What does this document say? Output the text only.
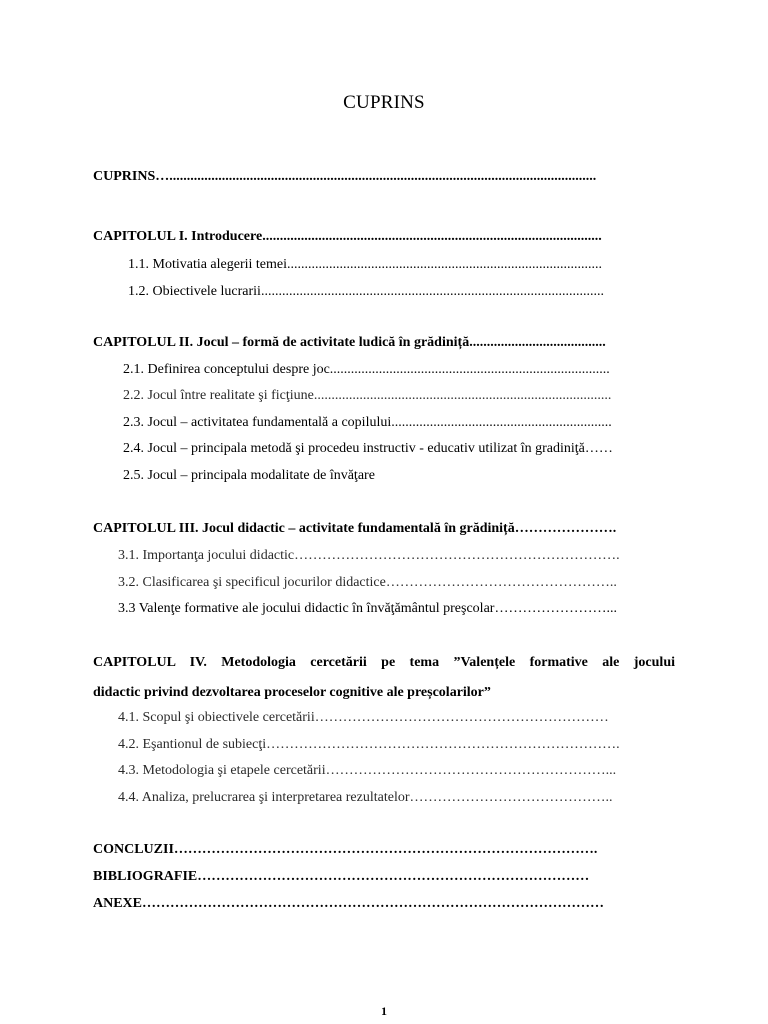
CUPRINS
CUPRINS…..........................................................................................................................
CAPITOLUL I. Introducere.................................................................................................
1.1. Motivatia alegerii temei..........................................................................................
1.2. Obiectivele lucrarii..................................................................................................
CAPITOLUL II. Jocul – formă de activitate ludică în grădiniță.......................................
2.1. Definirea conceptului despre joc................................................................................
2.2. Jocul între realitate şi ficţiune.....................................................................................
2.3. Jocul – activitatea fundamentală a copilului...............................................................
2.4. Jocul – principala metodă şi procedeu instructiv - educativ utilizat în gradiniţă……
2.5. Jocul – principala modalitate de învăţare
CAPITOLUL III. Jocul didactic – activitate fundamentală în grădiniță………………….
3.1. Importanţa jocului didactic…………………………………………………………….
3.2. Clasificarea şi specificul jocurilor didactice…………………………………………..
3.3 Valenţe formative ale jocului didactic în învăţământul preşcolar……………………...
CAPITOLUL IV. Metodologia cercetării pe tema ”Valențele formative ale jocului
didactic privind dezvoltarea proceselor cognitive ale preșcolarilor”
4.1. Scopul şi obiectivele cercetării………………………………………………………
4.2. Eşantionul de subiecţi………………………………………………………………….
4.3. Metodologia şi etapele cercetării……………………………………………………...
4.4. Analiza, prelucrarea şi interpretarea rezultatelor……………………………………..
CONCLUZII……………………………………………………………………………….
BIBLIOGRAFIE…………………………………………………………………………
ANEXE………………………………………………………………………………………
1
